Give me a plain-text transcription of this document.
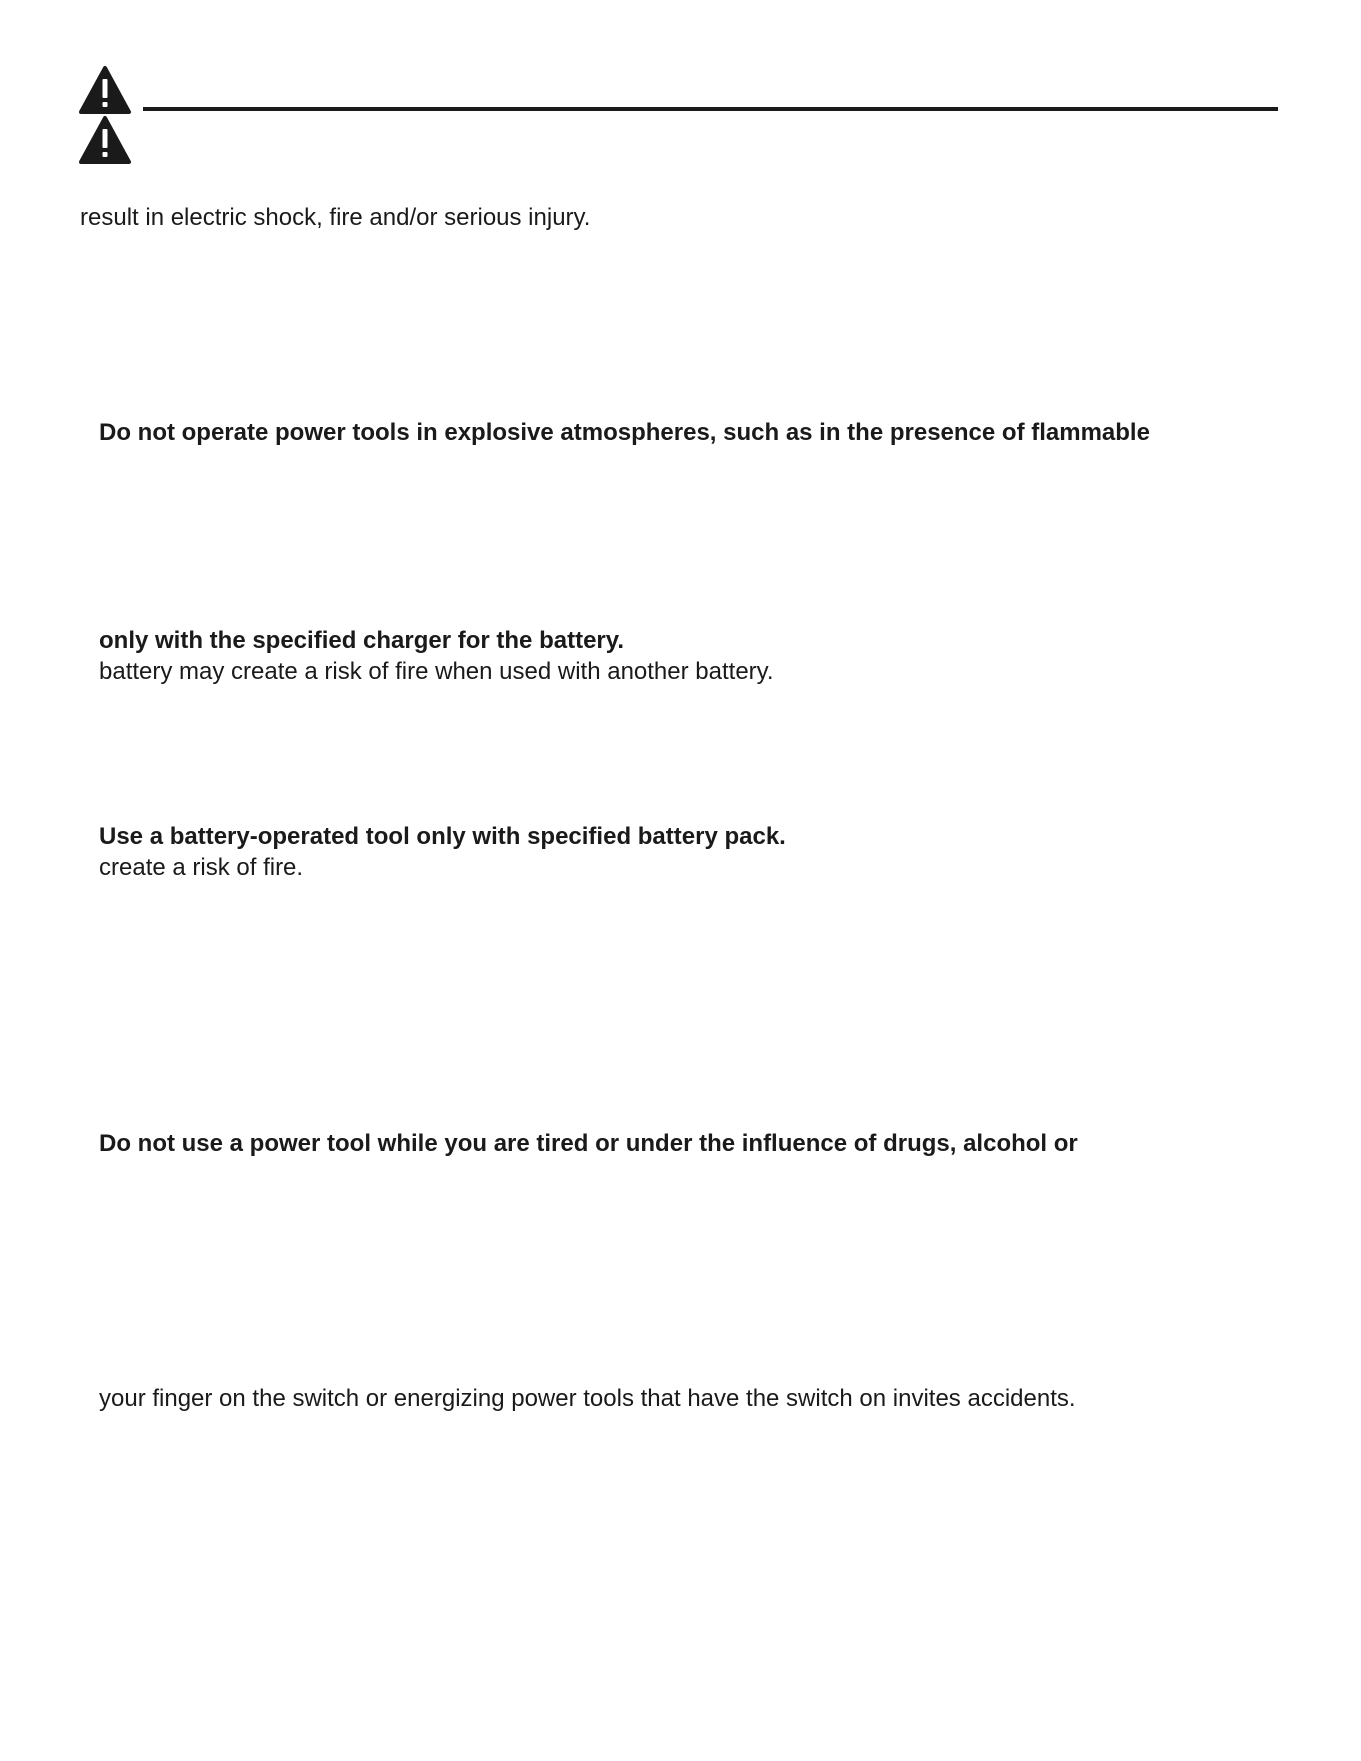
result in electric shock, fire and/or serious injury.
Do not operate power tools in explosive atmospheres, such as in the presence of flammable
only with the specified charger for the battery.
battery may create a risk of fire when used with another battery.
Use a battery-operated tool only with specified battery pack.
create a risk of fire.
Do not use a power tool while you are tired or under the influence of drugs, alcohol or
your finger on the switch or energizing power tools that have the switch on invites accidents.
